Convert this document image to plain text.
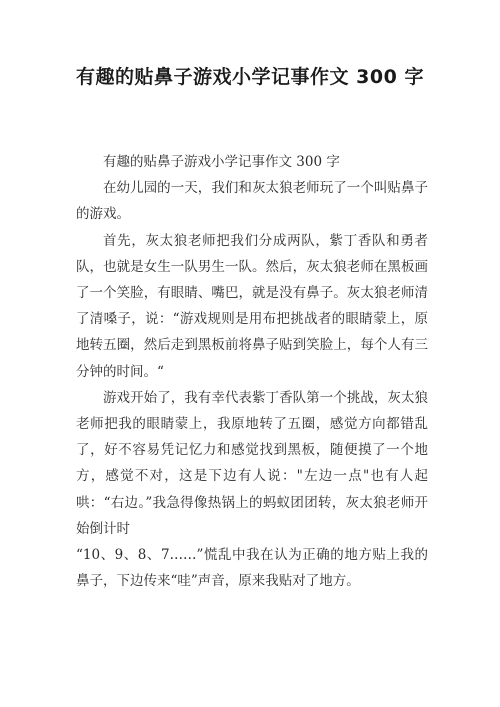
有趣的贴鼻子游戏小学记事作文 300 字

有趣的贴鼻子游戏小学记事作文 300 字

在幼儿园的一天，我们和灰太狼老师玩了一个叫贴鼻子的游戏。

首先，灰太狼老师把我们分成两队，紫丁香队和勇者队，也就是女生一队男生一队。然后，灰太狼老师在黑板画了一个笑脸，有眼睛、嘴巴，就是没有鼻子。灰太狼老师清了清嗓子，说：“游戏规则是用布把挑战者的眼睛蒙上，原地转五圈，然后走到黑板前将鼻子贴到笑脸上，每个人有三分钟的时间。“

游戏开始了，我有幸代表紫丁香队第一个挑战，灰太狼老师把我的眼睛蒙上，我原地转了五圈，感觉方向都错乱了，好不容易凭记忆力和感觉找到黑板，随便摸了一个地方，感觉不对，这是下边有人说："左边一点"也有人起哄：“右边。”我急得像热锅上的蚂蚁团团转，灰太狼老师开始倒计时

“10、9、8、7……”慌乱中我在认为正确的地方贴上我的鼻子，下边传来“哇”声音，原来我贴对了地方。
